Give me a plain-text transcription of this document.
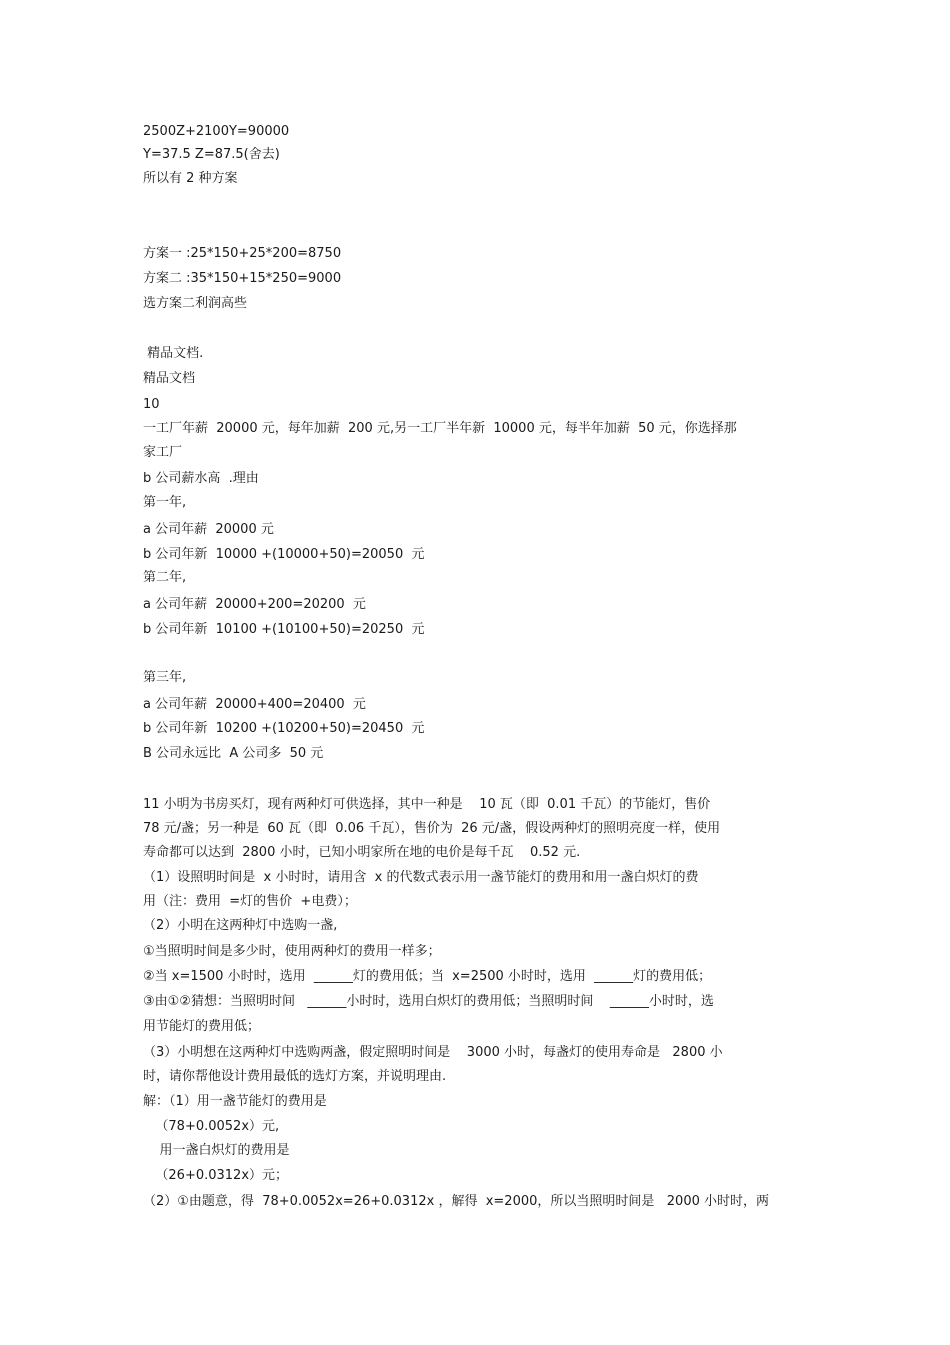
2500Z+2100Y=90000
Y=37.5 Z=87.5(舍去)
所以有 2 种方案
方案一 :25*150+25*200=8750
方案二 :35*150+15*250=9000
选方案二利润高些
精品文档.
精品文档
10
一工厂年薪  20000 元，每年加薪  200 元,另一工厂半年新  10000 元，每半年加薪  50 元，你选择那
家工厂
b 公司薪水高  .理由
第一年,
a 公司年薪  20000 元
b 公司年新  10000 +(10000+50)=20050  元
第二年,
a 公司年薪  20000+200=20200  元
b 公司年新  10100 +(10100+50)=20250  元
第三年,
a 公司年薪  20000+400=20400  元
b 公司年新  10200 +(10200+50)=20450  元
B 公司永远比  A 公司多  50 元
11 小明为书房买灯，现有两种灯可供选择，其中一种是    10 瓦（即  0.01 千瓦）的节能灯，售价
78 元/盏；另一种是  60 瓦（即  0.06 千瓦），售价为  26 元/盏，假设两种灯的照明亮度一样，使用
寿命都可以达到  2800 小时，已知小明家所在地的电价是每千瓦    0.52 元.
（1）设照明时间是  x 小时时，请用含  x 的代数式表示用一盏节能灯的费用和用一盏白炽灯的费
用（注：费用  =灯的售价  +电费）；
（2）小明在这两种灯中选购一盏,
①当照明时间是多少时，使用两种灯的费用一样多；
②当 x=1500 小时时，选用  ______灯的费用低；当  x=2500 小时时，选用  ______灯的费用低；
③由①②猜想：当照明时间   ______小时时，选用白炽灯的费用低；当照明时间    ______小时时，选
用节能灯的费用低；
（3）小明想在这两种灯中选购两盏，假定照明时间是    3000 小时，每盏灯的使用寿命是   2800 小
时，请你帮他设计费用最低的选灯方案，并说明理由.
解：（1）用一盏节能灯的费用是
（78+0.0052x）元,
用一盏白炽灯的费用是
（26+0.0312x）元；
（2）①由题意，得  78+0.0052x=26+0.0312x ，解得  x=2000，所以当照明时间是   2000 小时时，两
